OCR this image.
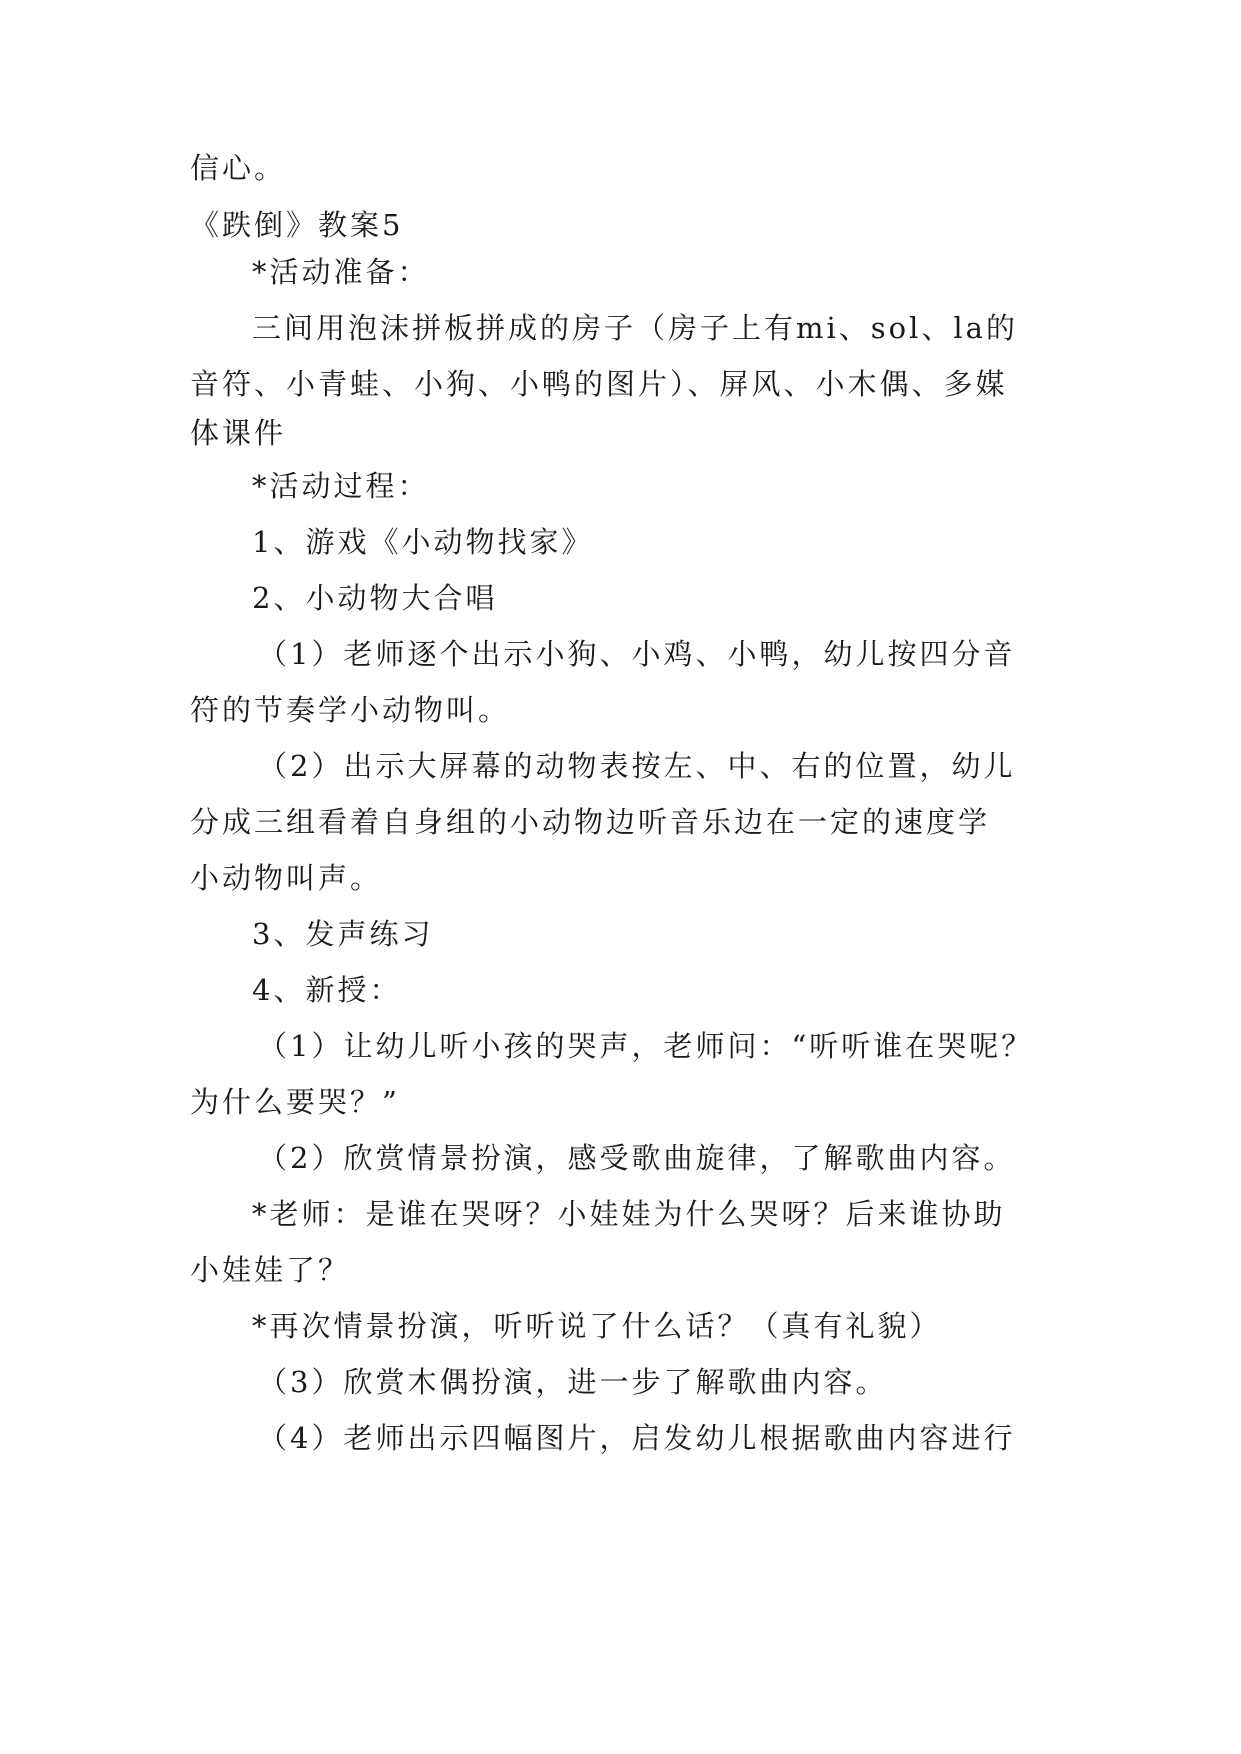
信心。
《跌倒》教案5
*活动准备：
三间用泡沫拼板拼成的房子（房子上有mi、sol、la的
音符、小青蛙、小狗、小鸭的图片）、屏风、小木偶、多媒
体课件
*活动过程：
1、游戏《小动物找家》
2、小动物大合唱
（1）老师逐个出示小狗、小鸡、小鸭，幼儿按四分音
符的节奏学小动物叫。
（2）出示大屏幕的动物表按左、中、右的位置，幼儿
分成三组看着自身组的小动物边听音乐边在一定的速度学
小动物叫声。
3、发声练习
4、新授：
（1）让幼儿听小孩的哭声，老师问：“听听谁在哭呢？
为什么要哭？”
（2）欣赏情景扮演，感受歌曲旋律，了解歌曲内容。
*老师：是谁在哭呀？小娃娃为什么哭呀？后来谁协助
小娃娃了？
*再次情景扮演，听听说了什么话？（真有礼貌）
（3）欣赏木偶扮演，进一步了解歌曲内容。
（4）老师出示四幅图片，启发幼儿根据歌曲内容进行
